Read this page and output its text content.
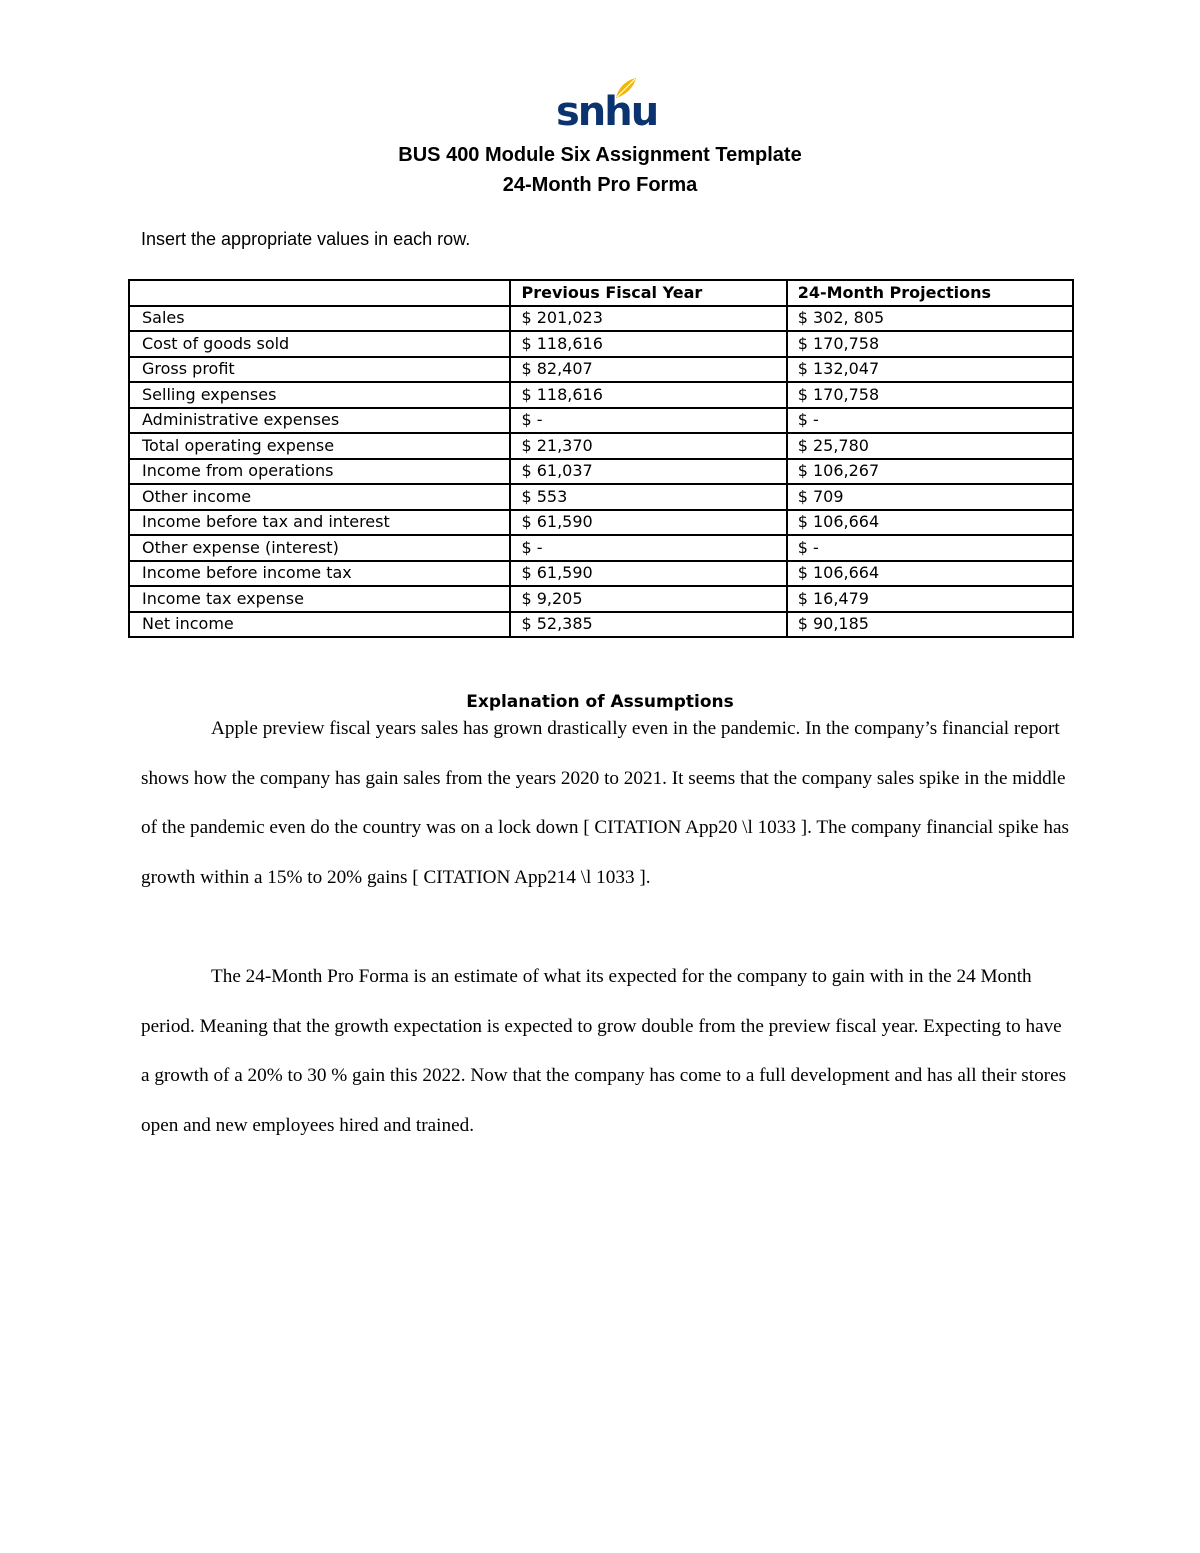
snhu
BUS 400 Module Six Assignment Template
24-Month Pro Forma
Insert the appropriate values in each row.
	Previous Fiscal Year	24-Month Projections
Sales	$ 201,023	$ 302, 805
Cost of goods sold	$ 118,616	$ 170,758
Gross profit	$ 82,407	$ 132,047
Selling expenses	$ 118,616	$ 170,758
Administrative expenses	$ -	$ -
Total operating expense	$ 21,370	$ 25,780
Income from operations	$ 61,037	$ 106,267
Other income	$ 553	$ 709
Income before tax and interest	$ 61,590	$ 106,664
Other expense (interest)	$ -	$ -
Income before income tax	$ 61,590	$ 106,664
Income tax expense	$ 9,205	$ 16,479
Net income	$ 52,385	$ 90,185
Explanation of Assumptions

Apple preview fiscal years sales has grown drastically even in the pandemic. In the company’s financial report shows how the company has gain sales from the years 2020 to 2021. It seems that the company sales spike in the middle of the pandemic even do the country was on a lock down [ CITATION App20 \l 1033 ]. The company financial spike has growth within a 15% to 20% gains [ CITATION App214 \l 1033 ].

The 24-Month Pro Forma is an estimate of what its expected for the company to gain with in the 24 Month period. Meaning that the growth expectation is expected to grow double from the preview fiscal year. Expecting to have a growth of a 20% to 30 % gain this 2022. Now that the company has come to a full development and has all their stores open and new employees hired and trained.
